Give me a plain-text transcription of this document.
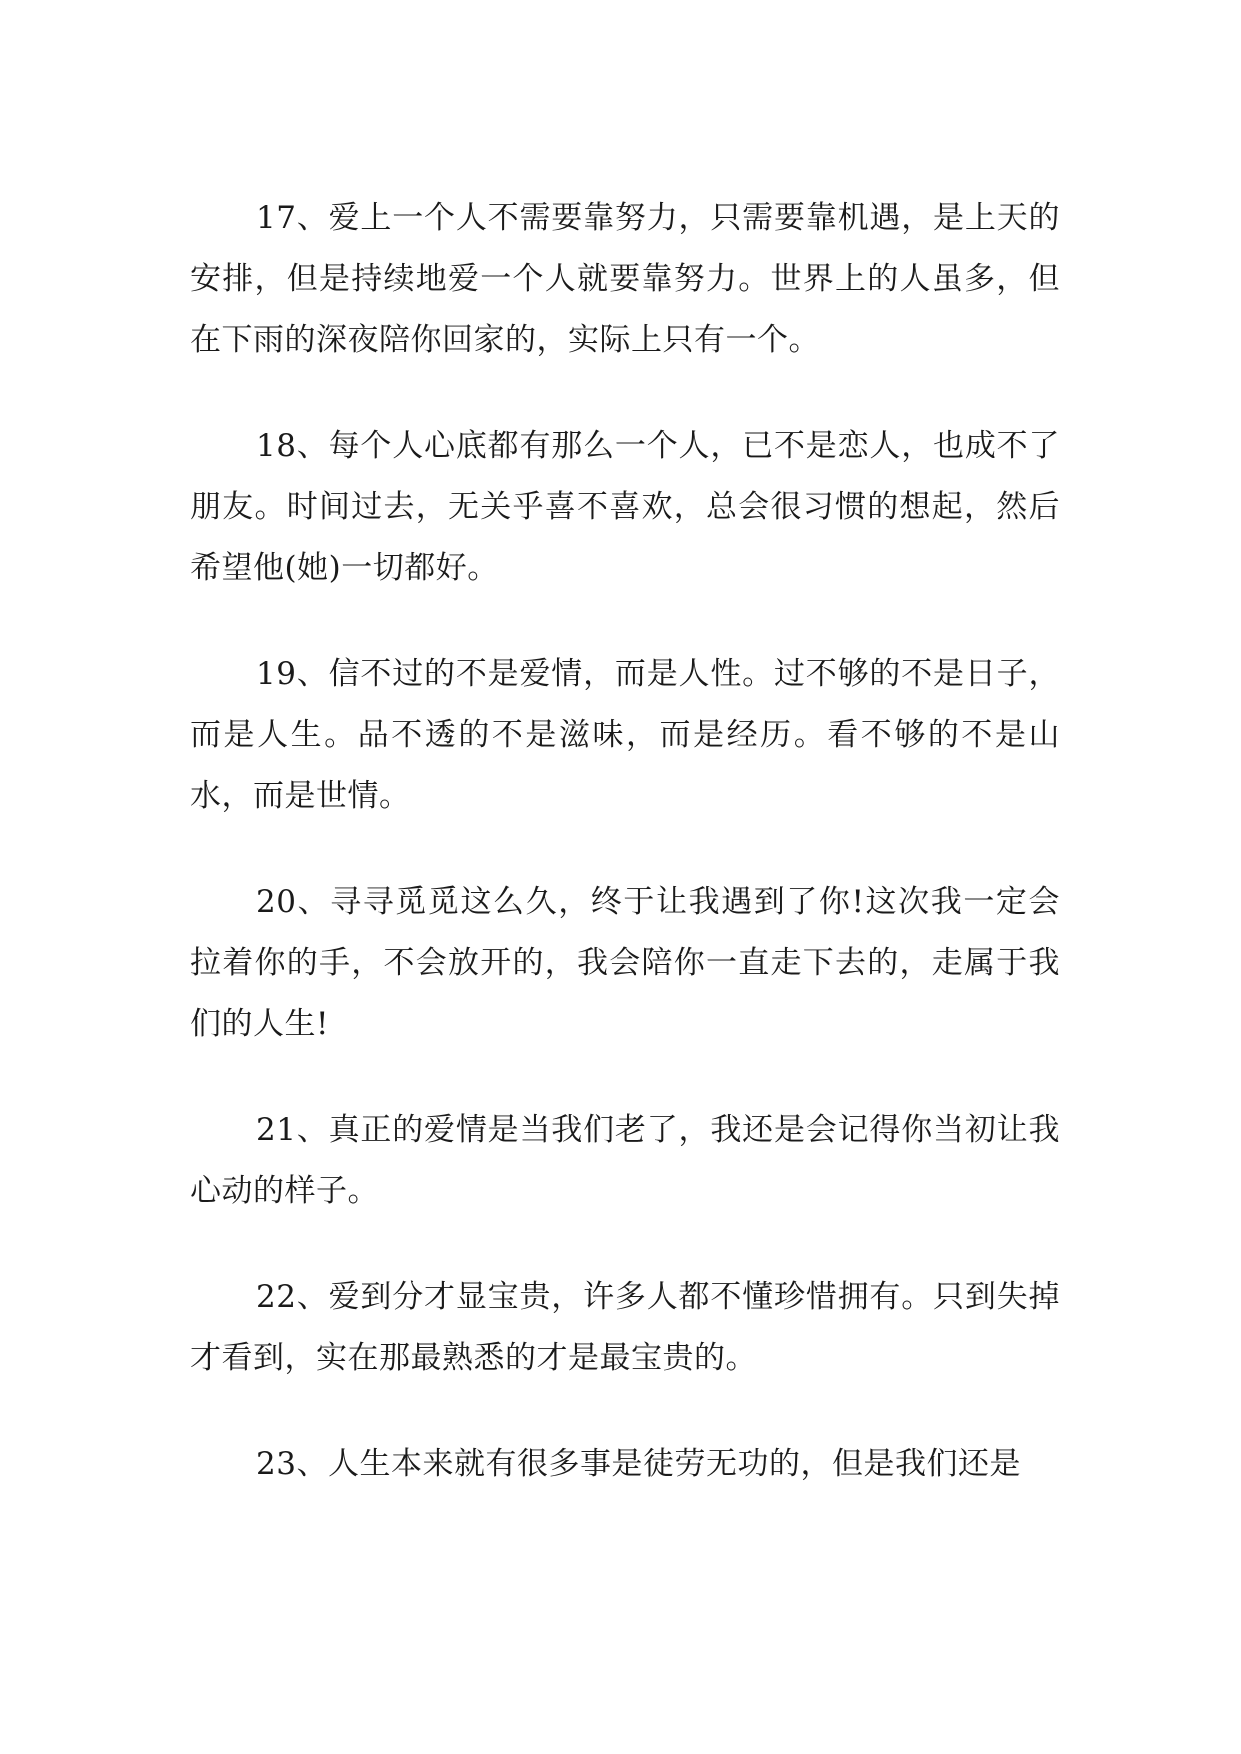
17、爱上一个人不需要靠努力，只需要靠机遇，是上天的安排，但是持续地爱一个人就要靠努力。世界上的人虽多，但在下雨的深夜陪你回家的，实际上只有一个。

18、每个人心底都有那么一个人，已不是恋人，也成不了朋友。时间过去，无关乎喜不喜欢，总会很习惯的想起，然后希望他(她)一切都好。

19、信不过的不是爱情，而是人性。过不够的不是日子，而是人生。品不透的不是滋味，而是经历。看不够的不是山水，而是世情。

20、寻寻觅觅这么久，终于让我遇到了你!这次我一定会拉着你的手，不会放开的，我会陪你一直走下去的，走属于我们的人生!

21、真正的爱情是当我们老了，我还是会记得你当初让我心动的样子。

22、爱到分才显宝贵，许多人都不懂珍惜拥有。只到失掉才看到，实在那最熟悉的才是最宝贵的。

23、人生本来就有很多事是徒劳无功的，但是我们还是
